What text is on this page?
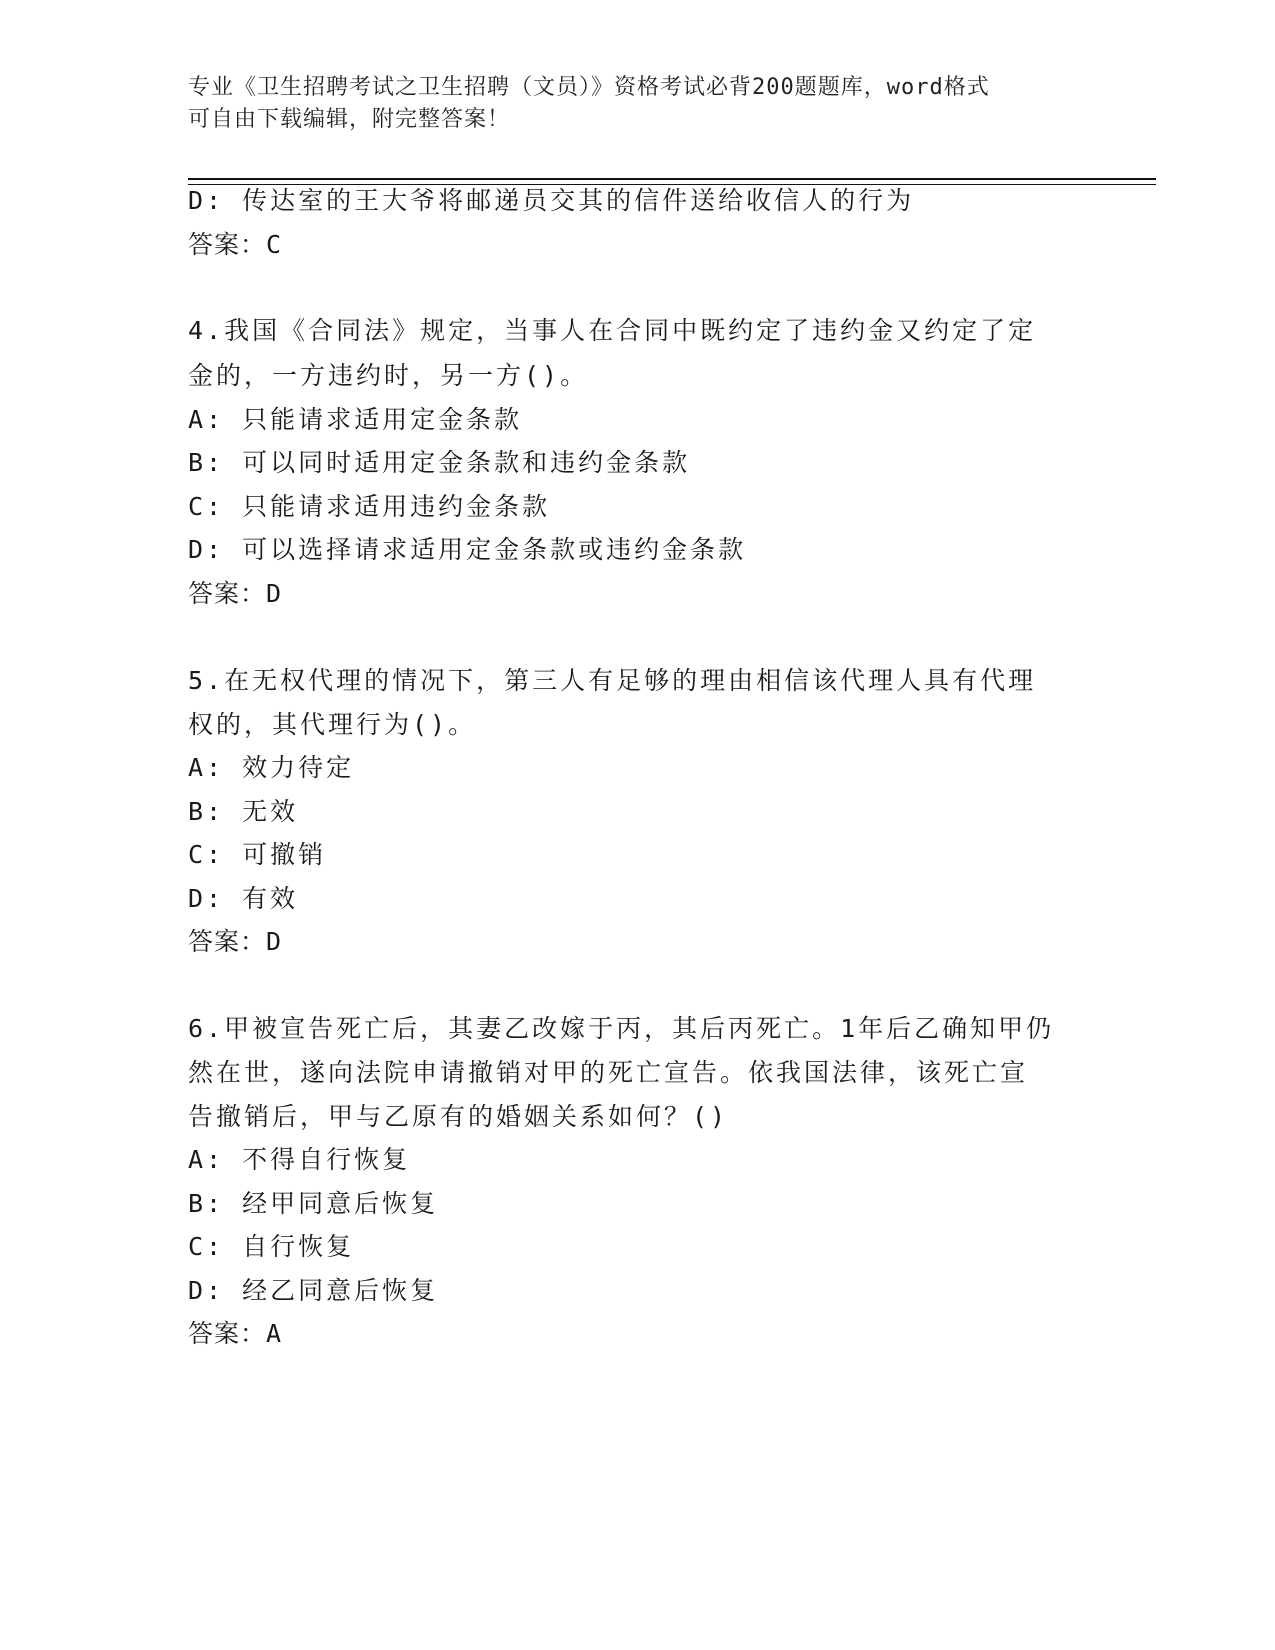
专业《卫生招聘考试之卫生招聘（文员）》资格考试必背200题题库，word格式
可自由下载编辑，附完整答案！
D: 传达室的王大爷将邮递员交其的信件送给收信人的行为
答案：C
4.我国《合同法》规定，当事人在合同中既约定了违约金又约定了定
金的，一方违约时，另一方()。
A: 只能请求适用定金条款
B: 可以同时适用定金条款和违约金条款
C: 只能请求适用违约金条款
D: 可以选择请求适用定金条款或违约金条款
答案：D
5.在无权代理的情况下，第三人有足够的理由相信该代理人具有代理
权的，其代理行为()。
A: 效力待定
B: 无效
C: 可撤销
D: 有效
答案：D
6.甲被宣告死亡后，其妻乙改嫁于丙，其后丙死亡。1年后乙确知甲仍
然在世，遂向法院申请撤销对甲的死亡宣告。依我国法律，该死亡宣
告撤销后，甲与乙原有的婚姻关系如何？()
A: 不得自行恢复
B: 经甲同意后恢复
C: 自行恢复
D: 经乙同意后恢复
答案：A
